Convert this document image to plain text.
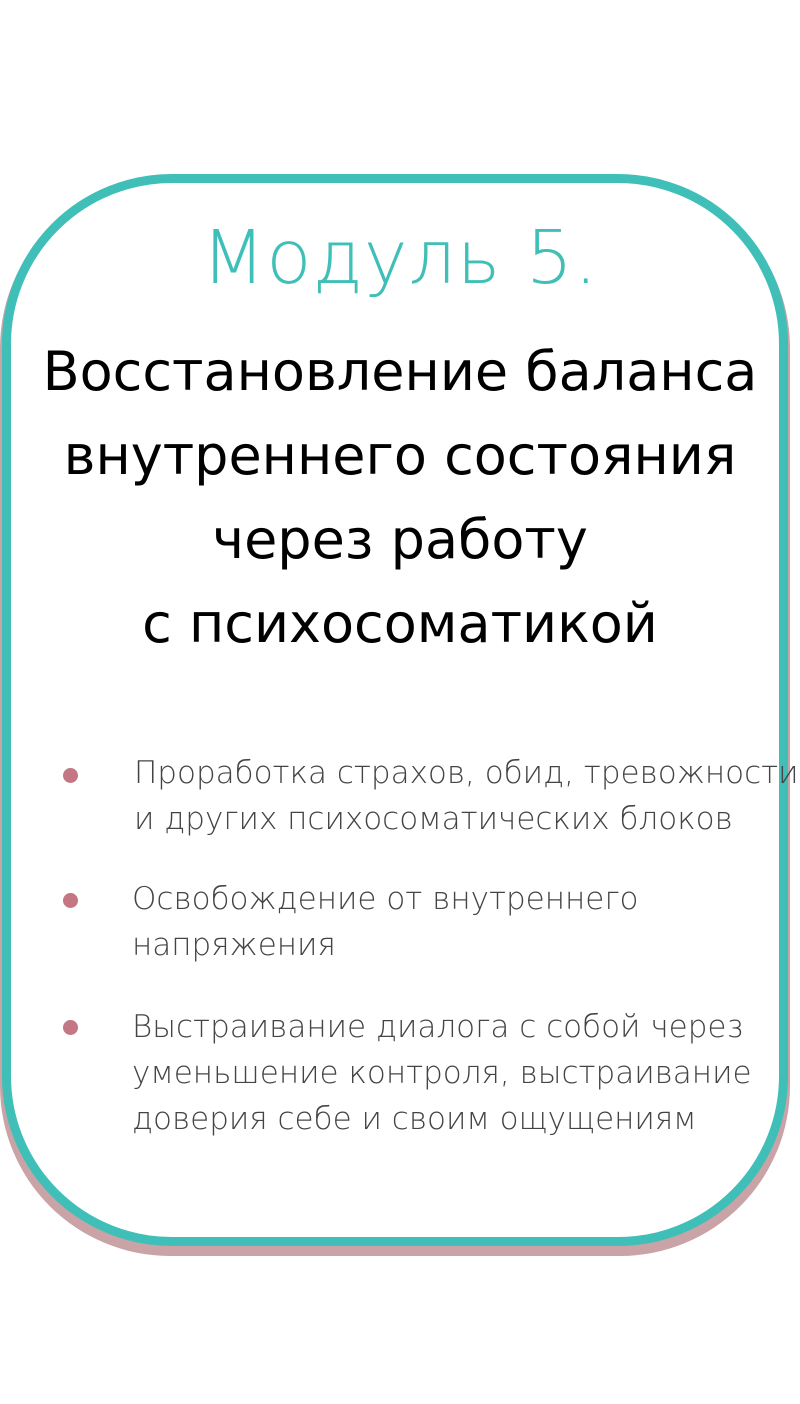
Модуль 5.
Восстановление баланса
внутреннего состояния
через работу
с психосоматикой
Проработка страхов, обид, тревожности
и других психосоматических блоков
Освобождение от внутреннего
напряжения
Выстраивание диалога с собой через
уменьшение контроля, выстраивание
доверия себе и своим ощущениям
